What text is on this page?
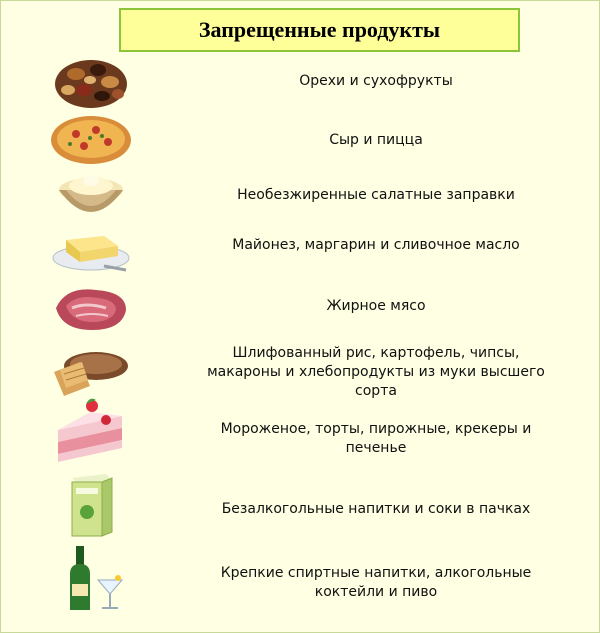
Запрещенные продукты
Орехи и сухофрукты
Сыр и пицца
Необезжиренные салатные заправки
Майонез, маргарин и сливочное масло
Жирное мясо
Шлифованный рис, картофель, чипсы, макароны и хлебопродукты из муки высшего сорта
Мороженое, торты, пирожные, крекеры и печенье
Безалкогольные напитки и соки в пачках
Крепкие спиртные напитки, алкогольные коктейли и пиво
